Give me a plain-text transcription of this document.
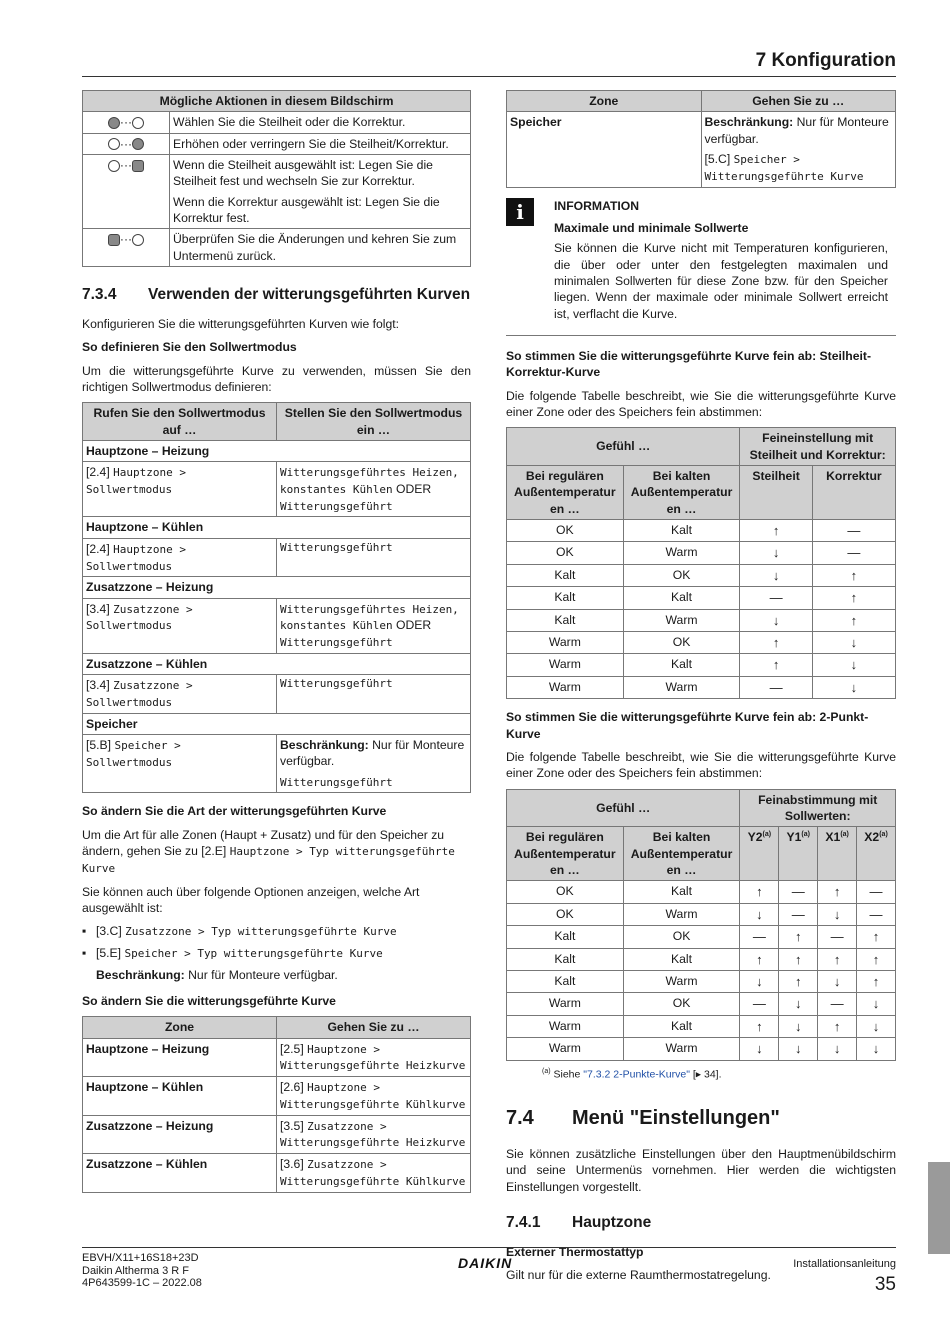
7 Konfiguration
Mögliche Aktionen in diesem Bildschirm	
···	Wählen Sie die Steilheit oder die Korrektur.
···	Erhöhen oder verringern Sie die Steilheit/Korrektur.
···	Wenn die Steilheit ausgewählt ist: Legen Sie die Steilheit fest und wechseln Sie zur Korrektur.

Wenn die Korrektur ausgewählt ist: Legen Sie die Korrektur fest.

···	Überprüfen Sie die Änderungen und kehren Sie zum Untermenü zurück.
7.3.4	Verwenden der witterungsgeführten Kurven

Konfigurieren Sie die witterungsgeführten Kurven wie folgt:

So definieren Sie den Sollwertmodus

Um die witterungsgeführte Kurve zu verwenden, müssen Sie den richtigen Sollwertmodus definieren:

Rufen Sie den Sollwertmodus auf …	Stellen Sie den Sollwertmodus ein …
Hauptzone – Heizung	
[2.4] Hauptzone > Sollwertmodus	Witterungsgeführtes Heizen, konstantes Kühlen ODER Witterungsgeführt
Hauptzone – Kühlen	
[2.4] Hauptzone > Sollwertmodus	Witterungsgeführt
Zusatzzone – Heizung	
[3.4] Zusatzzone > Sollwertmodus	Witterungsgeführtes Heizen, konstantes Kühlen ODER Witterungsgeführt
Zusatzzone – Kühlen	
[3.4] Zusatzzone > Sollwertmodus	Witterungsgeführt
Speicher	
[5.B] Speicher > Sollwertmodus	Beschränkung: Nur für Monteure verfügbar.

Witterungsgeführt

So ändern Sie die Art der witterungsgeführten Kurve

Um die Art für alle Zonen (Haupt + Zusatz) und für den Speicher zu ändern, gehen Sie zu [2.E] Hauptzone > Typ witterungsgeführte Kurve

Sie können auch über folgende Optionen anzeigen, welche Art ausgewählt ist:

▪ [3.C] Zusatzzone > Typ witterungsgeführte Kurve
▪ [5.E] Speicher > Typ witterungsgeführte Kurve

Beschränkung: Nur für Monteure verfügbar.

So ändern Sie die witterungsgeführte Kurve

Zone	Gehen Sie zu …
Hauptzone – Heizung	[2.5] Hauptzone > Witterungsgeführte Heizkurve
Hauptzone – Kühlen	[2.6] Hauptzone > Witterungsgeführte Kühlkurve
Zusatzzone – Heizung	[3.5] Zusatzzone > Witterungsgeführte Heizkurve
Zusatzzone – Kühlen	[3.6] Zusatzzone > Witterungsgeführte Kühlkurve
Zone	Gehen Sie zu …
Speicher	Beschränkung: Nur für Monteure verfügbar.

[5.C] Speicher > Witterungsgeführte Kurve
i	INFORMATION

Maximale und minimale Sollwerte

Sie können die Kurve nicht mit Temperaturen konfigurieren, die über oder unter den festgelegten maximalen und minimalen Sollwerten für diese Zone bzw. für den Speicher liegen. Wenn der maximale oder minimale Sollwert erreicht ist, verflacht die Kurve.

So stimmen Sie die witterungsgeführte Kurve fein ab: Steilheit-Korrektur-Kurve

Die folgende Tabelle beschreibt, wie Sie die witterungsgeführte Kurve einer Zone oder des Speichers fein abstimmen:

Gefühl …		Feineinstellung mit Steilheit und Korrektur:	
Bei regulären Außentemperatur en …	Bei kalten Außentemperatur en …	Steilheit	Korrektur
OK	Kalt	↑	—
OK	Warm	↓	—
Kalt	OK	↓	↑
Kalt	Kalt	—	↑
Kalt	Warm	↓	↑
Warm	OK	↑	↓
Warm	Kalt	↑	↓
Warm	Warm	—	↓

So stimmen Sie die witterungsgeführte Kurve fein ab: 2-Punkt-Kurve

Die folgende Tabelle beschreibt, wie Sie die witterungsgeführte Kurve einer Zone oder des Speichers fein abstimmen:

Gefühl …		Feinabstimmung mit Sollwerten:			
Bei regulären Außentemperatur en …	Bei kalten Außentemperatur en …	Y2$^{(a)}$	Y1$^{(a)}$	X1$^{(a)}$	X2$^{(a)}$
OK	Kalt	↑	—	↑	—
OK	Warm	↓	—	↓	—
Kalt	OK	—	↑	—	↑
Kalt	Kalt	↑	↑	↑	↑
Kalt	Warm	↓	↑	↓	↑
Warm	OK	—	↓	—	↓
Warm	Kalt	↑	↓	↑	↓
Warm	Warm	↓	↓	↓	↓

$^{(a)}$ Siehe "7.3.2 2-Punkte-Kurve" [▸ 34].

7.4	Menü "Einstellungen"

Sie können zusätzliche Einstellungen über den Hauptmenübildschirm und seine Untermenüs vornehmen. Hier werden die wichtigsten Einstellungen vorgestellt.

7.4.1	Hauptzone

Externer Thermostattyp

Gilt nur für die externe Raumthermostatregelung.

EBVH/X11+16S18+23D
Daikin Altherma 3 R F
4P643599-1C – 2022.08
DAIKIN	Installationsanleitung
35
